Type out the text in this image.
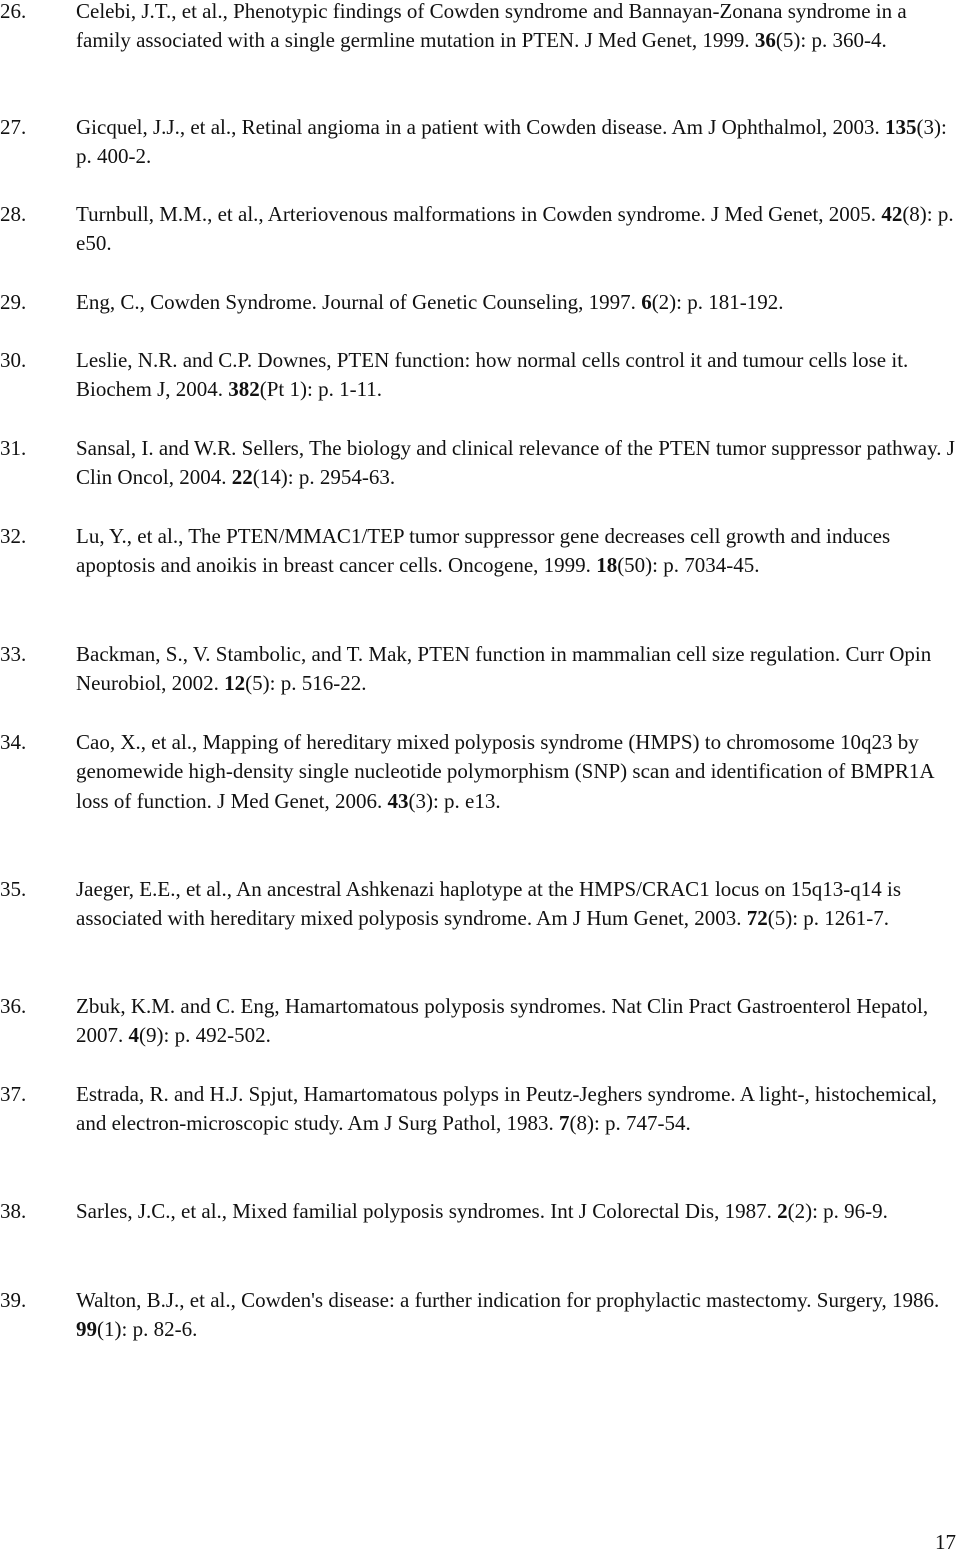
26. Celebi, J.T., et al., Phenotypic findings of Cowden syndrome and Bannayan-Zonana syndrome in a family associated with a single germline mutation in PTEN. J Med Genet, 1999. 36(5): p. 360-4.
27. Gicquel, J.J., et al., Retinal angioma in a patient with Cowden disease. Am J Ophthalmol, 2003. 135(3): p. 400-2.
28. Turnbull, M.M., et al., Arteriovenous malformations in Cowden syndrome. J Med Genet, 2005. 42(8): p. e50.
29. Eng, C., Cowden Syndrome. Journal of Genetic Counseling, 1997. 6(2): p. 181-192.
30. Leslie, N.R. and C.P. Downes, PTEN function: how normal cells control it and tumour cells lose it. Biochem J, 2004. 382(Pt 1): p. 1-11.
31. Sansal, I. and W.R. Sellers, The biology and clinical relevance of the PTEN tumor suppressor pathway. J Clin Oncol, 2004. 22(14): p. 2954-63.
32. Lu, Y., et al., The PTEN/MMAC1/TEP tumor suppressor gene decreases cell growth and induces apoptosis and anoikis in breast cancer cells. Oncogene, 1999. 18(50): p. 7034-45.
33. Backman, S., V. Stambolic, and T. Mak, PTEN function in mammalian cell size regulation. Curr Opin Neurobiol, 2002. 12(5): p. 516-22.
34. Cao, X., et al., Mapping of hereditary mixed polyposis syndrome (HMPS) to chromosome 10q23 by genomewide high-density single nucleotide polymorphism (SNP) scan and identification of BMPR1A loss of function. J Med Genet, 2006. 43(3): p. e13.
35. Jaeger, E.E., et al., An ancestral Ashkenazi haplotype at the HMPS/CRAC1 locus on 15q13-q14 is associated with hereditary mixed polyposis syndrome. Am J Hum Genet, 2003. 72(5): p. 1261-7.
36. Zbuk, K.M. and C. Eng, Hamartomatous polyposis syndromes. Nat Clin Pract Gastroenterol Hepatol, 2007. 4(9): p. 492-502.
37. Estrada, R. and H.J. Spjut, Hamartomatous polyps in Peutz-Jeghers syndrome. A light-, histochemical, and electron-microscopic study. Am J Surg Pathol, 1983. 7(8): p. 747-54.
38. Sarles, J.C., et al., Mixed familial polyposis syndromes. Int J Colorectal Dis, 1987. 2(2): p. 96-9.
39. Walton, B.J., et al., Cowden's disease: a further indication for prophylactic mastectomy. Surgery, 1986. 99(1): p. 82-6.
17
